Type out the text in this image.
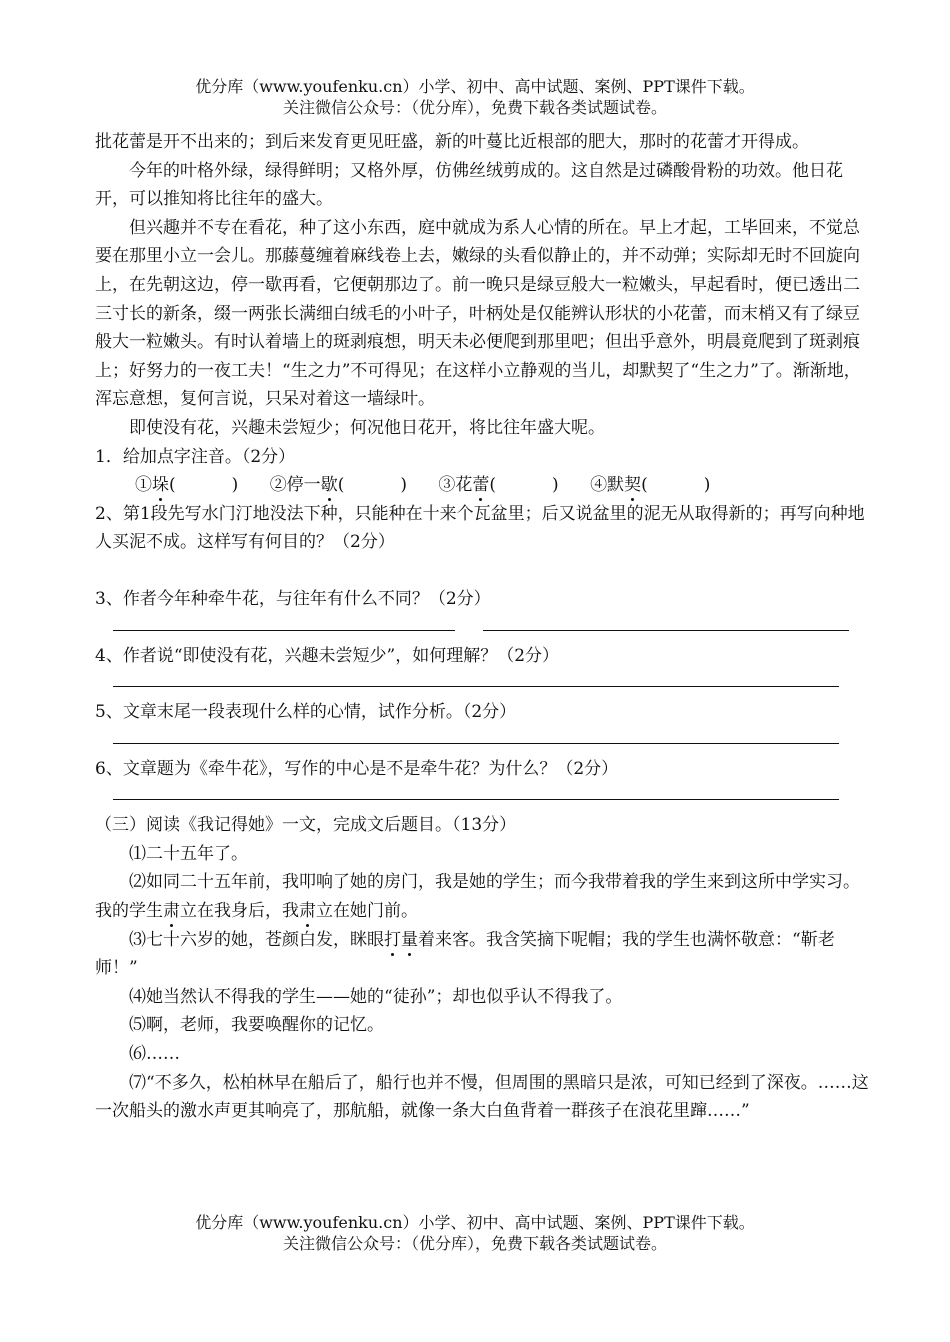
优分库（www.youfenku.cn）小学、初中、高中试题、案例、PPT课件下载。
关注微信公众号：（优分库），免费下载各类试题试卷。

批花蕾是开不出来的；到后来发育更见旺盛，新的叶蔓比近根部的肥大，那时的花蕾才开得成。

今年的叶格外绿，绿得鲜明；又格外厚，仿佛丝绒剪成的。这自然是过磷酸骨粉的功效。他日花开，可以推知将比往年的盛大。

但兴趣并不专在看花，种了这小东西，庭中就成为系人心情的所在。早上才起，工毕回来，不觉总要在那里小立一会儿。那藤蔓缠着麻线卷上去，嫩绿的头看似静止的，并不动弹；实际却无时不回旋向上，在先朝这边，停一歇再看，它便朝那边了。前一晚只是绿豆般大一粒嫩头，早起看时，便已透出二三寸长的新条，缀一两张长满细白绒毛的小叶子，叶柄处是仅能辨认形状的小花蕾，而末梢又有了绿豆般大一粒嫩头。有时认着墙上的斑剥痕想，明天未必便爬到那里吧；但出乎意外，明晨竟爬到了斑剥痕上；好努力的一夜工夫！“生之力”不可得见；在这样小立静观的当儿，却默契了“生之力”了。渐渐地，浑忘意想，复何言说，只呆对着这一墙绿叶。

即使没有花，兴趣未尝短少；何况他日花开，将比往年盛大呢。

1．给加点字注音。（2分）

①垛(	) ②停一歇(	) ③花蕾(	) ④默契(	)

2、第1段先写水门汀地没法下种，只能种在十来个瓦盆里；后又说盆里的泥无从取得新的；再写向种地人买泥不成。这样写有何目的？（2分）

3、作者今年种牵牛花，与往年有什么不同？（2分）

4、作者说“即使没有花，兴趣未尝短少”，如何理解？（2分）

5、文章末尾一段表现什么样的心情，试作分析。（2分）

6、文章题为《牵牛花》，写作的中心是不是牵牛花？为什么？（2分）

（三）阅读《我记得她》一文，完成文后题目。（13分）

⑴二十五年了。

⑵如同二十五年前，我叩响了她的房门，我是她的学生；而今我带着我的学生来到这所中学实习。我的学生肃立在我身后，我肃立在她门前。

⑶七十六岁的她，苍颜白发，眯眼打量着来客。我含笑摘下呢帽；我的学生也满怀敬意：“靳老师！”

⑷她当然认不得我的学生——她的“徒孙”；却也似乎认不得我了。

⑸啊，老师，我要唤醒你的记忆。

⑹……

⑺“不多久，松柏林早在船后了，船行也并不慢，但周围的黑暗只是浓，可知已经到了深夜。……这一次船头的激水声更其响亮了，那航船，就像一条大白鱼背着一群孩子在浪花里蹿……”

优分库（www.youfenku.cn）小学、初中、高中试题、案例、PPT课件下载。
关注微信公众号：（优分库），免费下载各类试题试卷。
